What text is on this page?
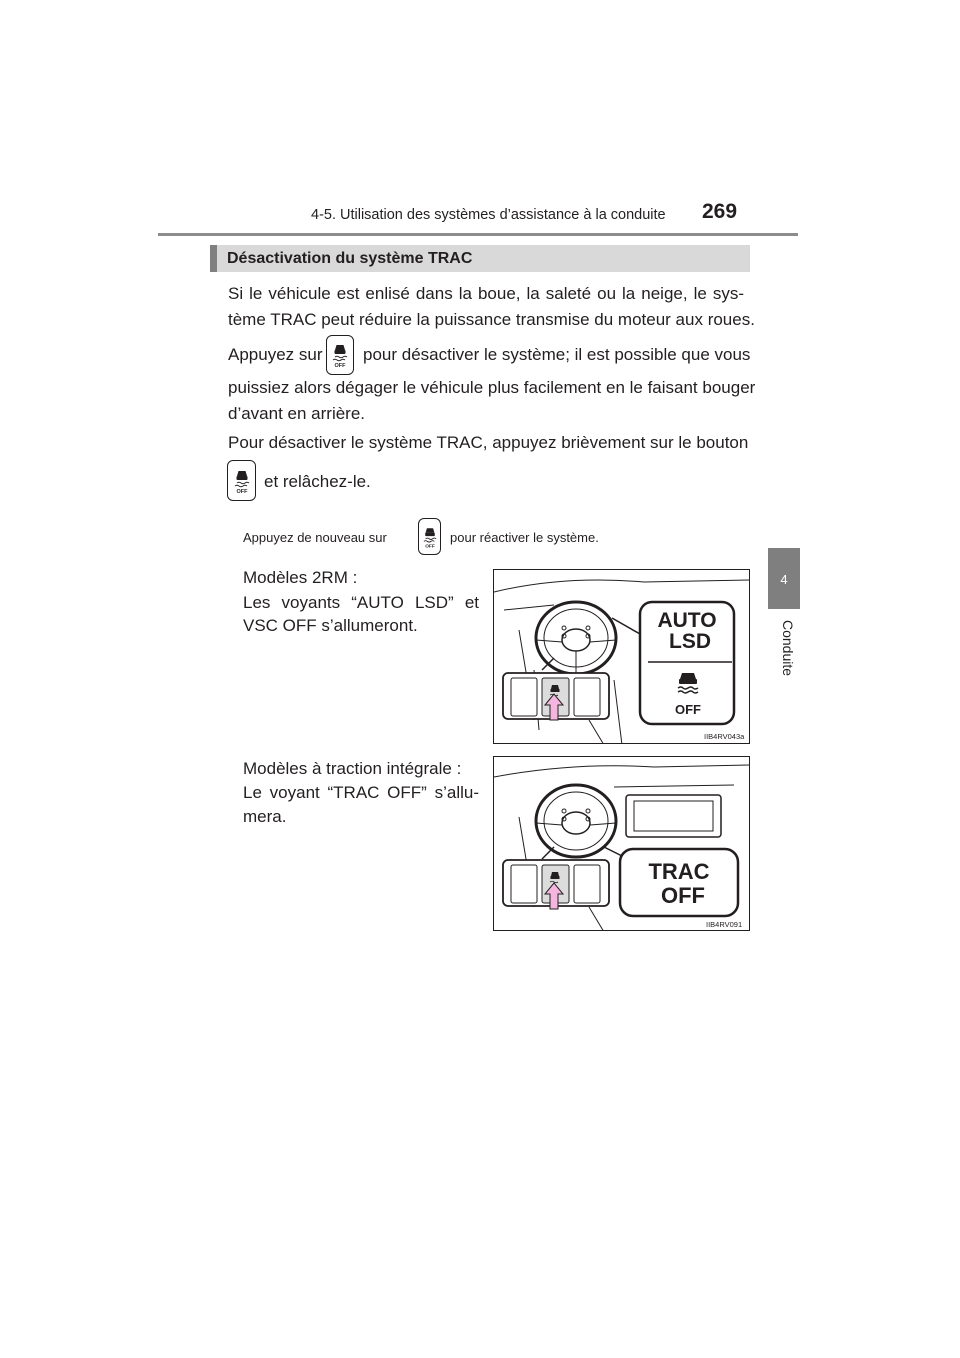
4-5. Utilisation des systèmes d’assistance à la conduite 269
4
Conduite
Désactivation du système TRAC
Si le véhicule est enlisé dans la boue, la saleté ou la neige, le sys-
tème TRAC peut réduire la puissance transmise du moteur aux roues.
Appuyez sur
OFF
pour désactiver le système; il est possible que vous
puissiez alors dégager le véhicule plus facilement en le faisant bouger
d’avant en arrière.
Pour désactiver le système TRAC, appuyez brièvement sur le bouton
OFF
et relâchez-le.
Appuyez de nouveau sur
OFF
pour réactiver le système.
Modèles 2RM :
Les voyants “AUTO LSD” et
VSC OFF s’allumeront.	AUTO
LSD
OFF
IIB4RV043a
Modèles à traction intégrale :
Le voyant “TRAC OFF” s’allu-
mera.
TRAC
OFF
IIB4RV091
